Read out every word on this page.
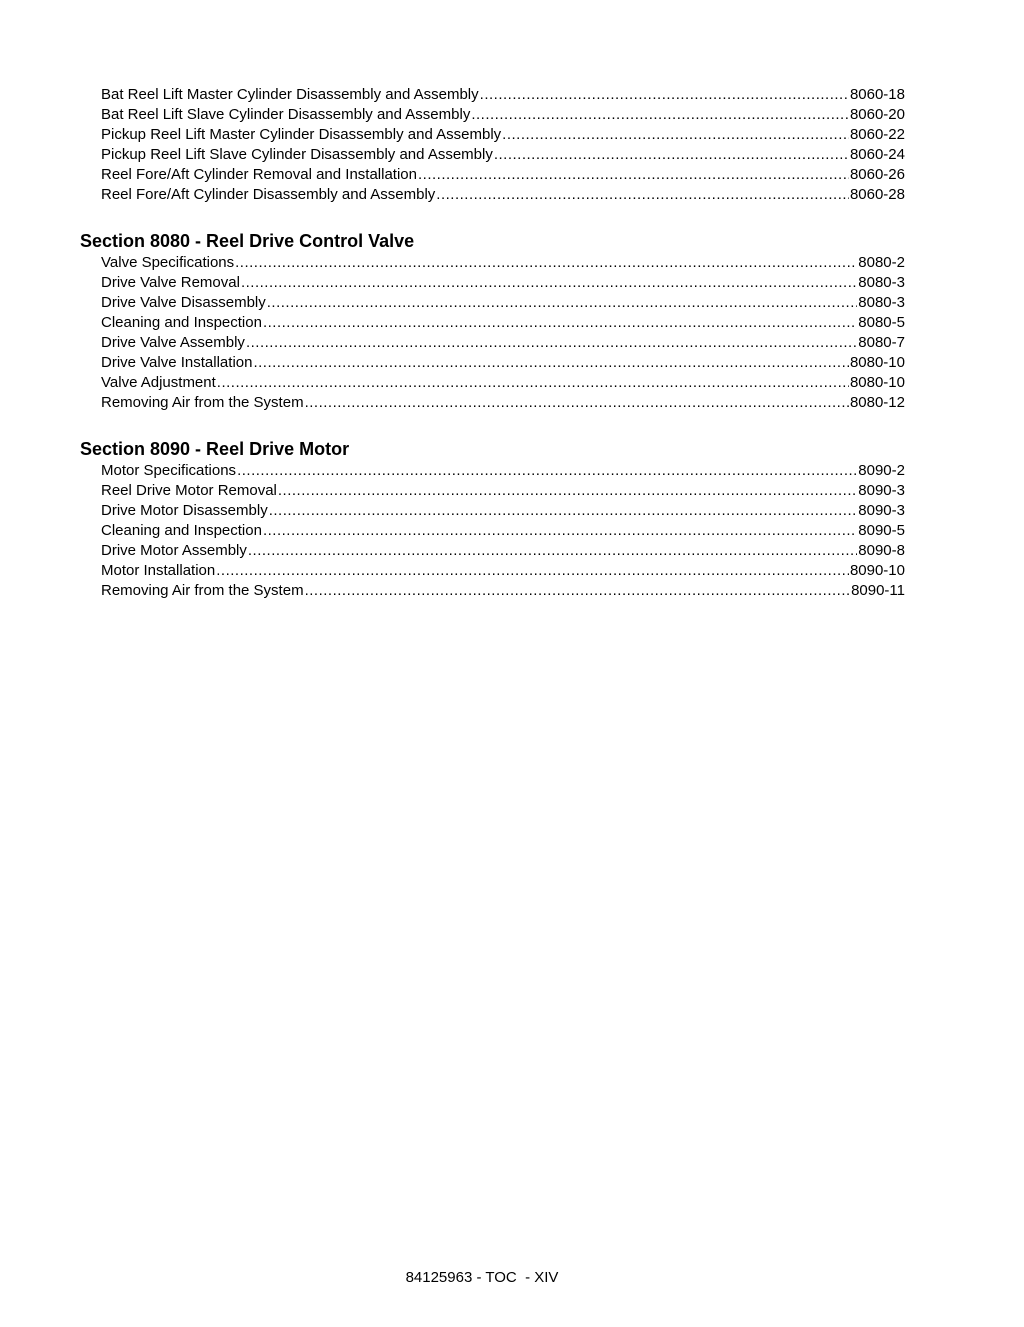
Bat Reel Lift Master Cylinder Disassembly and Assembly .....	8060-18
Bat Reel Lift Slave Cylinder Disassembly and Assembly .....	8060-20
Pickup Reel Lift Master Cylinder Disassembly and Assembly .....	8060-22
Pickup Reel Lift Slave Cylinder Disassembly and Assembly .....	8060-24
Reel Fore/Aft Cylinder Removal and Installation .....	8060-26
Reel Fore/Aft Cylinder Disassembly and Assembly .....	8060-28
Section 8080 - Reel Drive Control Valve
Valve Specifications .....	8080-2
Drive Valve Removal .....	8080-3
Drive Valve Disassembly .....	8080-3
Cleaning and Inspection .....	8080-5
Drive Valve Assembly .....	8080-7
Drive Valve Installation .....	8080-10
Valve Adjustment .....	8080-10
Removing Air from the System .....	8080-12
Section 8090 - Reel Drive Motor
Motor Specifications .....	8090-2
Reel Drive Motor Removal .....	8090-3
Drive Motor Disassembly .....	8090-3
Cleaning and Inspection .....	8090-5
Drive Motor Assembly .....	8090-8
Motor Installation .....	8090-10
Removing Air from the System .....	8090-11
84125963 - TOC  - XIV
